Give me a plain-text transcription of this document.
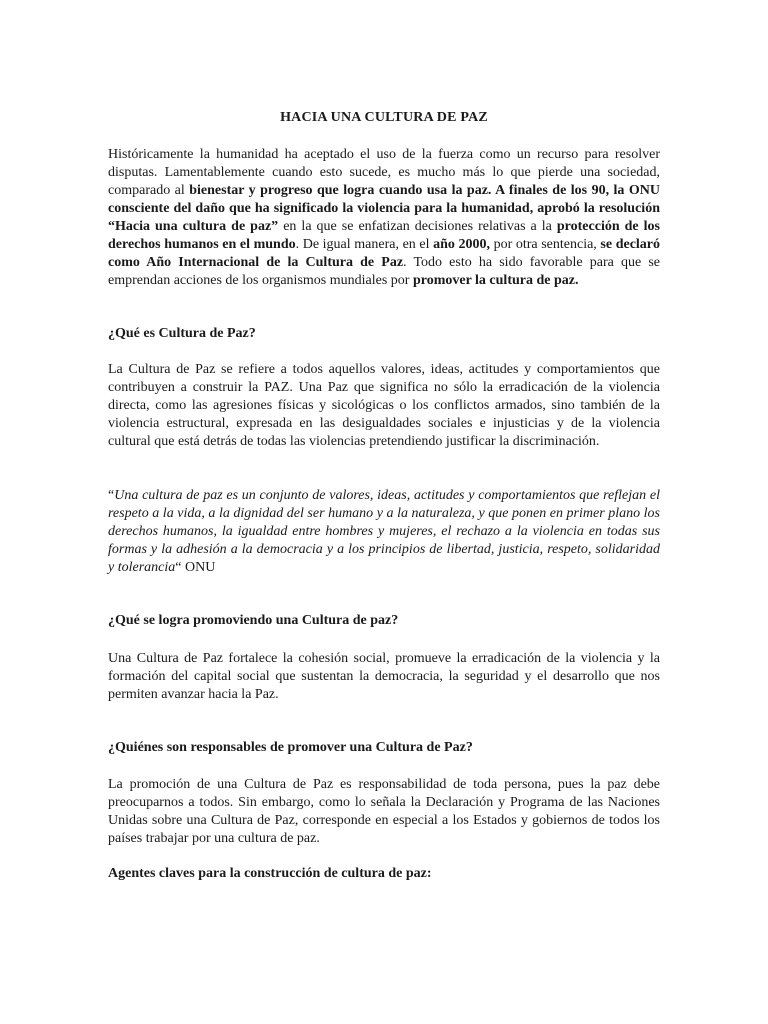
HACIA UNA CULTURA DE PAZ
Históricamente la humanidad ha aceptado el uso de la fuerza como un recurso para resolver disputas. Lamentablemente cuando esto sucede, es mucho más lo que pierde una sociedad, comparado al bienestar y progreso que logra cuando usa la paz. A finales de los 90, la ONU consciente del daño que ha significado la violencia para la humanidad, aprobó la resolución “Hacia una cultura de paz” en la que se enfatizan decisiones relativas a la protección de los derechos humanos en el mundo. De igual manera, en el año 2000, por otra sentencia, se declaró como Año Internacional de la Cultura de Paz. Todo esto ha sido favorable para que se emprendan acciones de los organismos mundiales por promover la cultura de paz.
¿Qué es Cultura de Paz?
La Cultura de Paz se refiere a todos aquellos valores, ideas, actitudes y comportamientos que contribuyen a construir la PAZ. Una Paz que significa no sólo la erradicación de la violencia directa, como las agresiones físicas y sicológicas o los conflictos armados, sino también de la violencia estructural, expresada en las desigualdades sociales e injusticias y de la violencia cultural que está detrás de todas las violencias pretendiendo justificar la discriminación.
“Una cultura de paz es un conjunto de valores, ideas, actitudes y comportamientos que reflejan el respeto a la vida, a la dignidad del ser humano y a la naturaleza, y que ponen en primer plano los derechos humanos, la igualdad entre hombres y mujeres, el rechazo a la violencia en todas sus formas y la adhesión a la democracia y a los principios de libertad, justicia, respeto, solidaridad y tolerancia“ ONU
¿Qué se logra promoviendo una Cultura de paz?
Una Cultura de Paz fortalece la cohesión social, promueve la erradicación de la violencia y la formación del capital social que sustentan la democracia, la seguridad y el desarrollo que nos permiten avanzar hacia la Paz.
¿Quiénes son responsables de promover una Cultura de Paz?
La promoción de una Cultura de Paz es responsabilidad de toda persona, pues la paz debe preocuparnos a todos. Sin embargo, como lo señala la Declaración y Programa de las Naciones Unidas sobre una Cultura de Paz, corresponde en especial a los Estados y gobiernos de todos los países trabajar por una cultura de paz.
Agentes claves para la construcción de cultura de paz:
